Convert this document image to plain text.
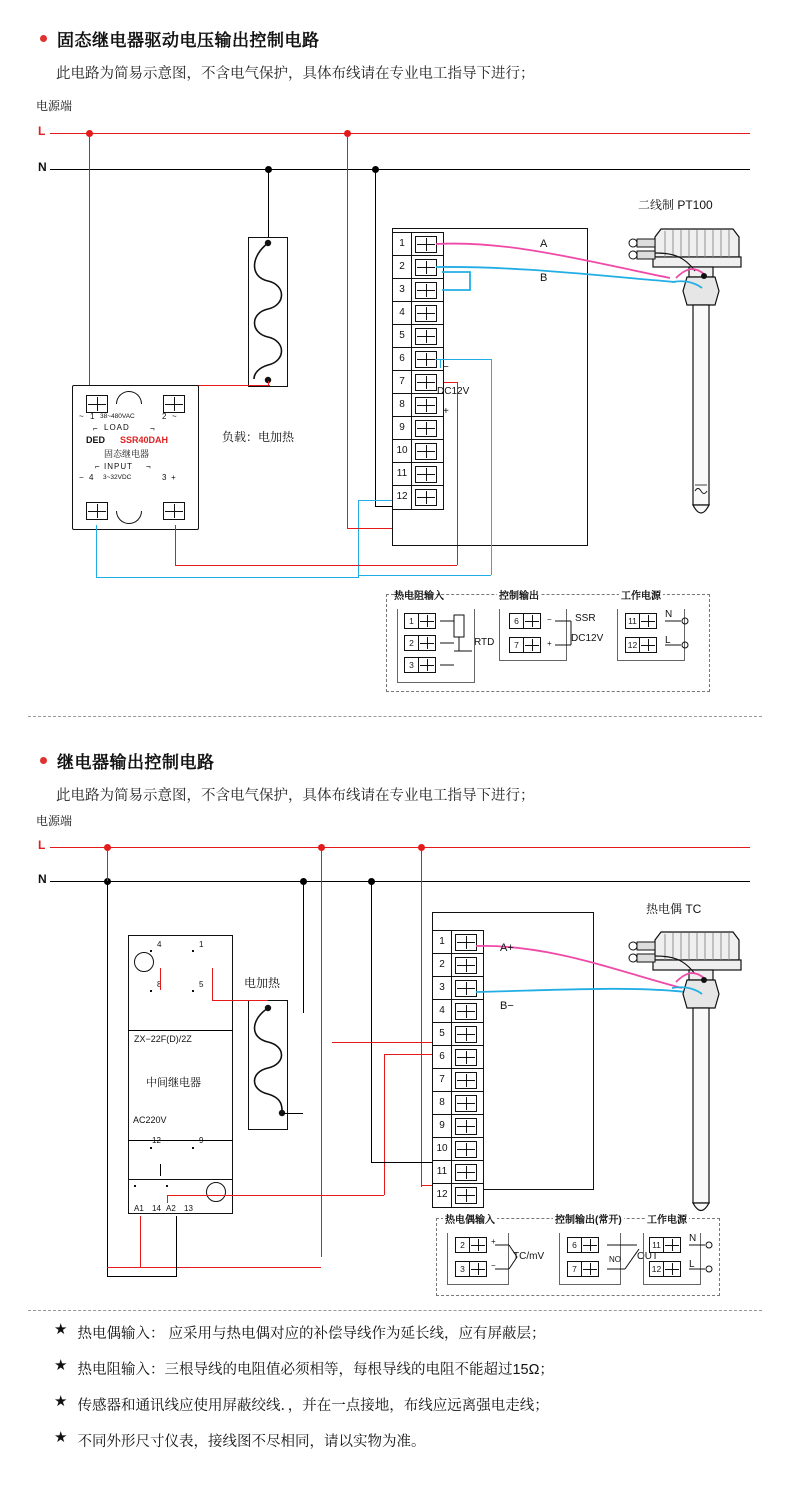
固态继电器驱动电压输出控制电路
此电路为简易示意图，不含电气保护，具体布线请在专业电工指导下进行；
电源端
L
N
负载：电加热
~ 1 38~480VAC	2 ~
LOAD
⌐	¬
DED SSR40DAH
固态继电器
INPUT
⌐	¬
− 4 3~32VDC	3 +
1
2
3
4
5
6
7
8
9
10
11
12
−
DC12V
+
A
B
二线制 PT100
热电阻输入
1
2
3
RTD
控制输出
6	−
7	+
SSR
DC12V
工作电源
11
12
N
L
继电器输出控制电路
此电路为简易示意图，不含电气保护，具体布线请在专业电工指导下进行；
电源端
L
N
4	1
8	5
12	9
A1 14 A2 13
ZX−22F(D)/2Z
中间继电器
AC220V
电加热
1
2
3
4
5
6
7
8
9
10
11
12
A+
B−
热电偶 TC
热电偶输入
2	+
3	−
TC/mV
控制输出(常开)
6
7
NO OUT
工作电源
11
12
N
L
★ 热电偶输入： 应采用与热电偶对应的补偿导线作为延长线，应有屏蔽层；
★ 热电阻输入：三根导线的电阻值必须相等，每根导线的电阻不能超过15Ω；
★ 传感器和通讯线应使用屏蔽绞线．，并在一点接地，布线应远离强电走线；
★ 不同外形尺寸仪表，接线图不尽相同，请以实物为准。
